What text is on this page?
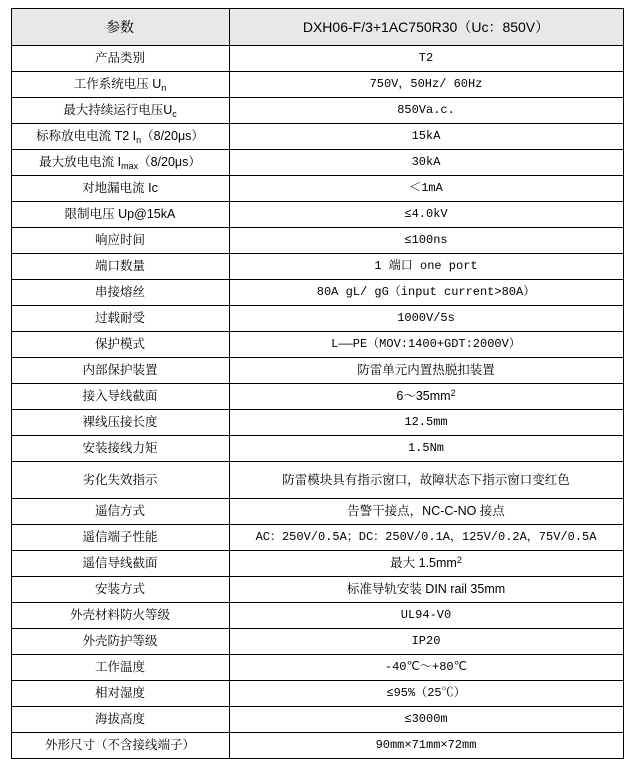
参数	DXH06-F/3+1AC750R30（Uc：850V）
产品类别	T2
工作系统电压 $U_n$	750V，50Hz/ 60Hz
最大持续运行电压$U_c$	850Va.c.
标称放电电流 T2 $I_n(8/20\mu s)$	15kA
最大放电电流 $I_{max}(8/20\mu s)$	30kA
对地漏电流 Ic	＜1mA
限制电压 Up@15kA	≤4.0kV
响应时间	≤100ns
端口数量	1 端口 one port
串接熔丝	80A gL/ gG（input current>80A）
过载耐受	1000V/5s
保护模式	L——PE（MOV:1400+GDT:2000V）
内部保护装置	防雷单元内置热脱扣装置
接入导线截面	$6\sim 35mm^2$
裸线压接长度	12.5mm
安装接线力矩	1.5Nm
劣化失效指示	防雷模块具有指示窗口，故障状态下指示窗口变红色
遥信方式	告警干接点，NC-C-NO 接点
遥信端子性能	AC：250V/0.5A；DC：250V/0.1A，125V/0.2A，75V/0.5A
遥信导线截面	最大 $1.5mm^2$
安装方式	标准导轨安装 DIN rail 35mm
外壳材料防火等级	UL94-V0
外壳防护等级	IP20
工作温度	-40℃～+80℃
相对湿度	≤95%（25℃）
海拔高度	≤3000m
外形尺寸（不含接线端子）	90mm×71mm×72mm
